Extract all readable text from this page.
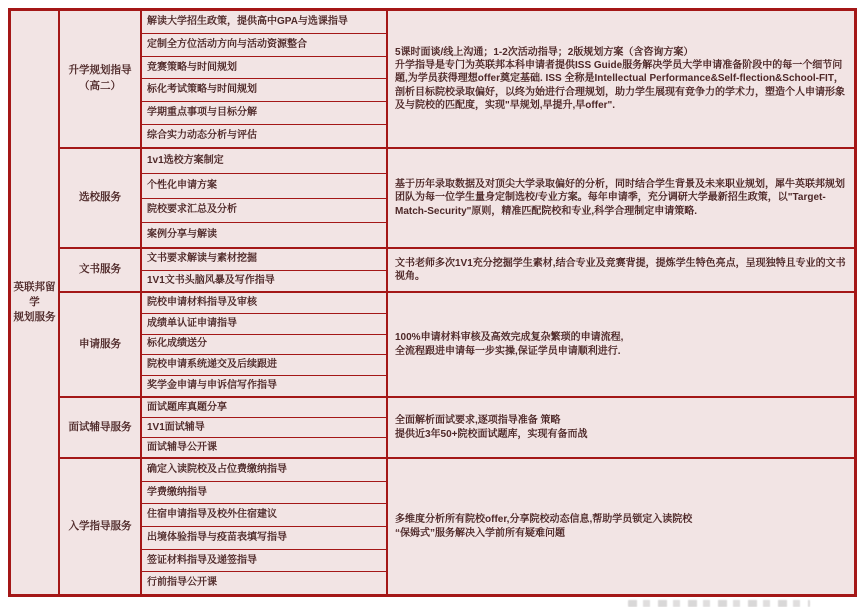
英联邦留学
规划服务
升学规划指导
（高二）
解读大学招生政策，提供高中GPA与选课指导
定制全方位活动方向与活动资源整合
竞赛策略与时间规划
标化考试策略与时间规划
学期重点事项与目标分解
综合实力动态分析与评估
5课时面谈/线上沟通；1-2次活动指导；2版规划方案（含咨询方案）
升学指导是专门为英联邦本科申请者提供ISS Guide服务解决学员大学申请准备阶段中的每一个细节问题,为学员获得理想offer奠定基础. ISS 全称是Intellectual Performance&Self-flection&School-FIT，剖析目标院校录取偏好，以终为始进行合理规划，助力学生展现有竞争力的学术力，塑造个人申请形象及与院校的匹配度，实现"早规划,早提升,早offer".
选校服务
1v1选校方案制定
个性化申请方案
院校要求汇总及分析
案例分享与解读
基于历年录取数据及对顶尖大学录取偏好的分析，同时结合学生背景及未来职业规划，犀牛英联邦规划团队为每一位学生量身定制选校/专业方案。每年申请季，充分调研大学最新招生政策，以"Target-Match-Security"原则，精准匹配院校和专业,科学合理制定申请策略.
文书服务
文书要求解读与素材挖掘
1V1文书头脑风暴及写作指导
文书老师多次1V1充分挖掘学生素材,结合专业及竞赛背提，提炼学生特色亮点，呈现独特且专业的文书视角。
申请服务
院校申请材料指导及审核
成绩单认证申请指导
标化成绩送分
院校申请系统递交及后续跟进
奖学金申请与申诉信写作指导
100%申请材料审核及高效完成复杂繁琐的申请流程,
全流程跟进申请每一步实操,保证学员申请顺利进行.
面试辅导服务
面试题库真题分享
1V1面试辅导
面试辅导公开课
全面解析面试要求,逐项指导准备 策略
提供近3年50+院校面试题库，实现有备而战
入学指导服务
确定入读院校及占位费缴纳指导
学费缴纳指导
住宿申请指导及校外住宿建议
出境体验指导与疫苗表填写指导
签证材料指导及递签指导
行前指导公开课
多维度分析所有院校offer,分享院校动态信息,帮助学员锁定入读院校
“保姆式”服务解决入学前所有疑难问题
